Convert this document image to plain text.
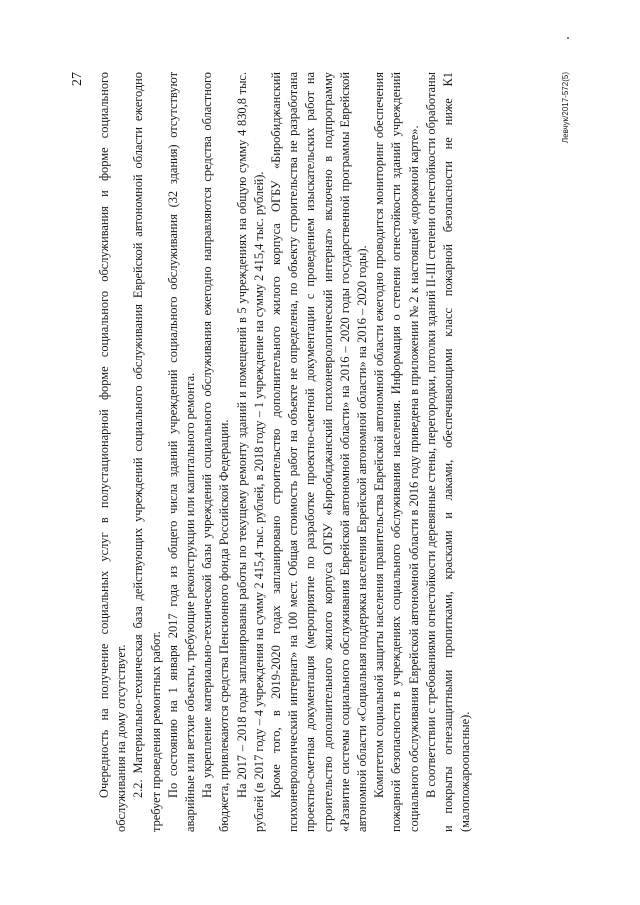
27 Очередность на получение социальных услуг в полустационарной форме социального обслуживания и форме социального обслуживания на дому отсутствует. 2.2. Материально-техническая база действующих учреждений социального обслуживания Еврейской автономной области ежегодно требует проведения ремонтных работ. По состоянию на 1 января 2017 года из общего числа зданий учреждений социального обслуживания (32 здания) отсутствуют аварийные или ветхие объекты, требующие реконструкции или капитального ремонта. На укрепление материально-технической базы учреждений социального обслуживания ежегодно направляются средства областного бюджета, привлекаются средства Пенсионного фонда Российской Федерации. На 2017 – 2018 годы запланированы работы по текущему ремонту зданий и помещений в 5 учреждениях на общую сумму 4 830,8 тыс. рублей (в 2017 году – 4 учреждения на сумму 2 415,4 тыс. рублей, в 2018 году – 1 учреждение на сумму 2 415,4 тыс. рублей). Кроме того, в 2019-2020 годах запланировано строительство дополнительного жилого корпуса ОГБУ «Биробиджанский психоневрологический интернат» на 100 мест. Общая стоимость работ на объекте не определена, по объекту строительства не разработана проектно-сметная документация (мероприятие по разработке проектно-сметной документации с проведением изыскательских работ на строительство дополнительного жилого корпуса ОГБУ «Биробиджанский психоневрологический интернат» включено в подпрограмму «Развитие системы социального обслуживания Еврейской автономной области» на 2016 – 2020 годы государственной программы Еврейской автономной области «Социальная поддержка населения Еврейской автономной области» на 2016 – 2020 годы). Комитетом социальной защиты населения правительства Еврейской автономной области ежегодно проводится мониторинг обеспечения пожарной безопасности в учреждениях социального обслуживания населения. Информация о степени огнестойкости зданий учреждений социального обслуживания Еврейской автономной области в 2016 году приведена в приложении № 2 к настоящей «дорожной карте». В соответствии с требованиями огнестойкости деревянные стены, перегородки, потолки зданий II-III степени огнестойкости обработаны и покрыты огнезащитными пропитками, красками и лаками, обеспечивающими класс пожарной безопасности не ниже К1 (малопожароопасные).

Левчук/2017-572(5)
